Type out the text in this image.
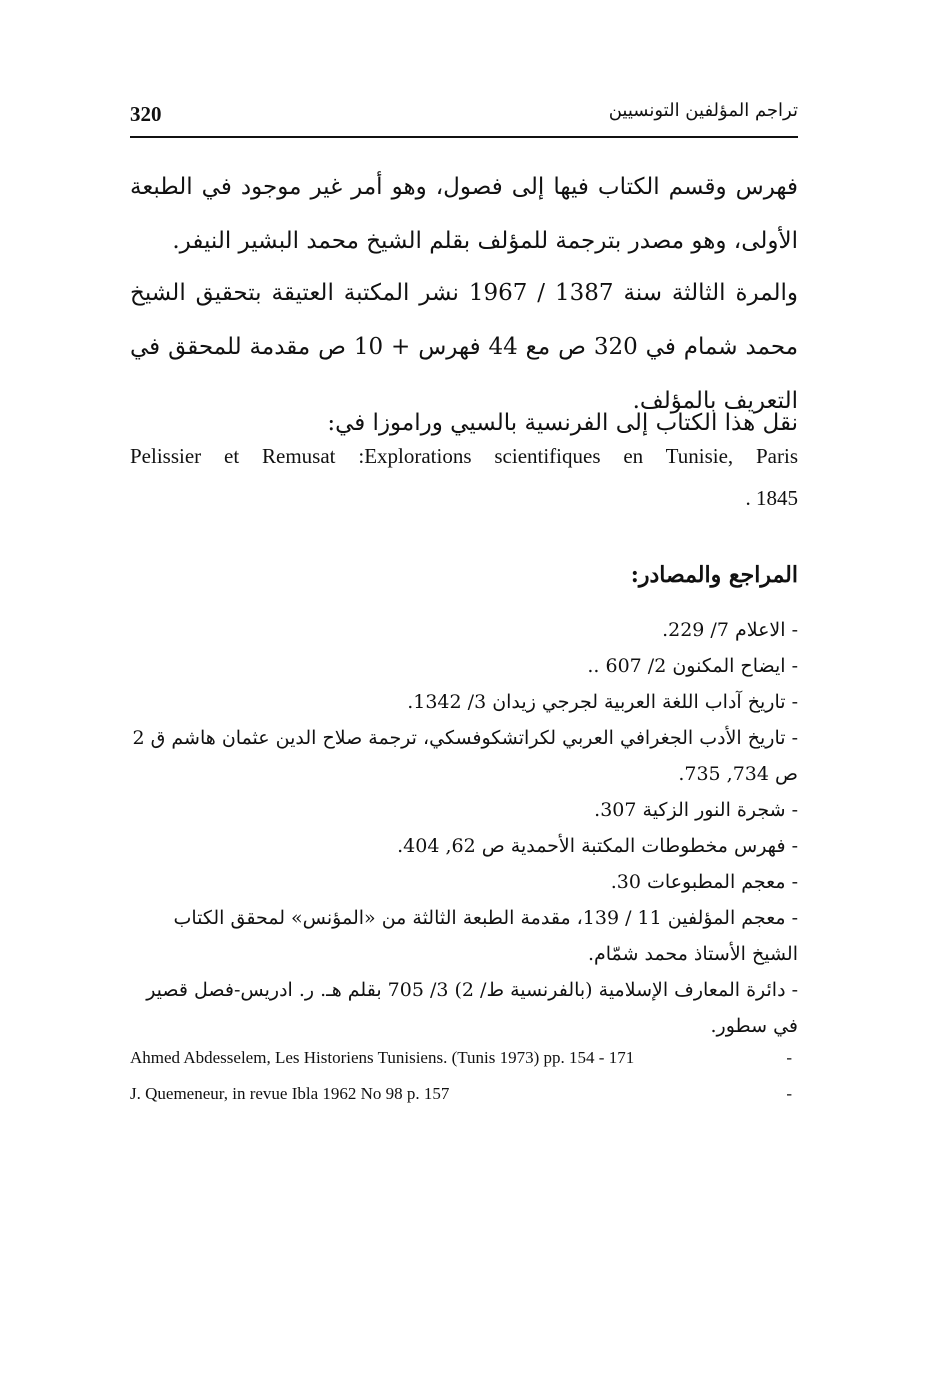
320	تراجم المؤلفين التونسيين

فهرس وقسم الكتاب فيها إلى فصول، وهو أمر غير موجود في الطبعة الأولى، وهو مصدر بترجمة للمؤلف بقلم الشيخ محمد البشير النيفر.

والمرة الثالثة سنة 1387 / 1967 نشر المكتبة العتيقة بتحقيق الشيخ محمد شمام في 320 ص مع 44 فهرس + 10 ص مقدمة للمحقق في التعريف بالمؤلف.

نقل هذا الكتاب إلى الفرنسية بالسيي وراموزا في:

Pelissier et Remusat :Explorations scientifiques en Tunisie, Paris

. 1845

المراجع والمصادر:

- الاعلام 7/ 229.
- ايضاح المكنون 2/ 607 ..
- تاريخ آداب اللغة العربية لجرجي زيدان 3/ 1342.
- تاريخ الأدب الجغرافي العربي لكراتشكوفسكي، ترجمة صلاح الدين عثمان هاشم ق 2 ص 734, 735.
- شجرة النور الزكية 307.
- فهرس مخطوطات المكتبة الأحمدية ص 62, 404.
- معجم المطبوعات 30.
- معجم المؤلفين 11 / 139، مقدمة الطبعة الثالثة من «المؤنس» لمحقق الكتاب الشيخ الأستاذ محمد شمّام.
- دائرة المعارف الإسلامية (بالفرنسية ط/ 2) 3/ 705 بقلم هـ. ر. ادريس-فصل قصير في سطور.
Ahmed Abdesselem, Les Historiens Tunisiens. (Tunis 1973) pp. 154 - 171	-
J. Quemeneur, in revue Ibla 1962 No 98 p. 157	-
